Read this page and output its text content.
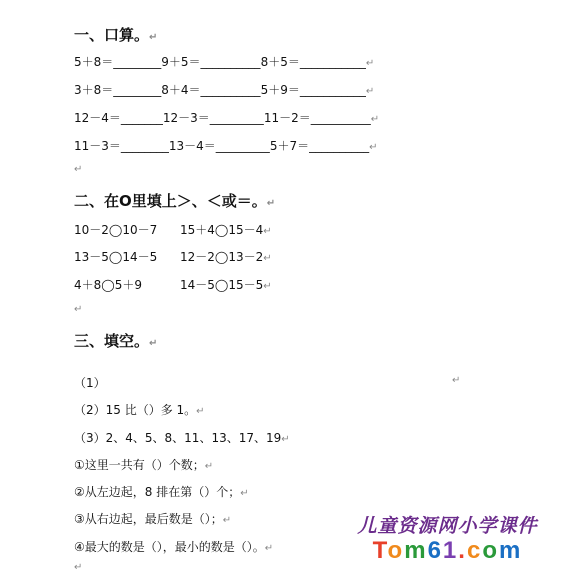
一、口算。↵
5＋8＝________9＋5＝__________8＋5＝___________↵
3＋8＝________8＋4＝__________5＋9＝___________↵
12－4＝_______12－3＝_________11－2＝__________↵
11－3＝________13－4＝_________5＋7＝__________↵
↵
二、在O里填上＞、＜或＝。↵
10－2◯10－7 15＋4◯15－4↵
13－5◯14－5 12－2◯13－2↵
4＋8◯5＋9	14－5◯15－5↵
↵
三、填空。↵
（1）	↵
（2）15 比（）多 1。↵
（3）2、4、5、8、11、13、17、19↵
①这里一共有（）个数；↵
②从左边起，8 排在第（）个；↵
③从右边起，最后数是（）；↵
④最大的数是（），最小的数是（）。↵
↵
儿童资源网小学课件
Tom61.com
